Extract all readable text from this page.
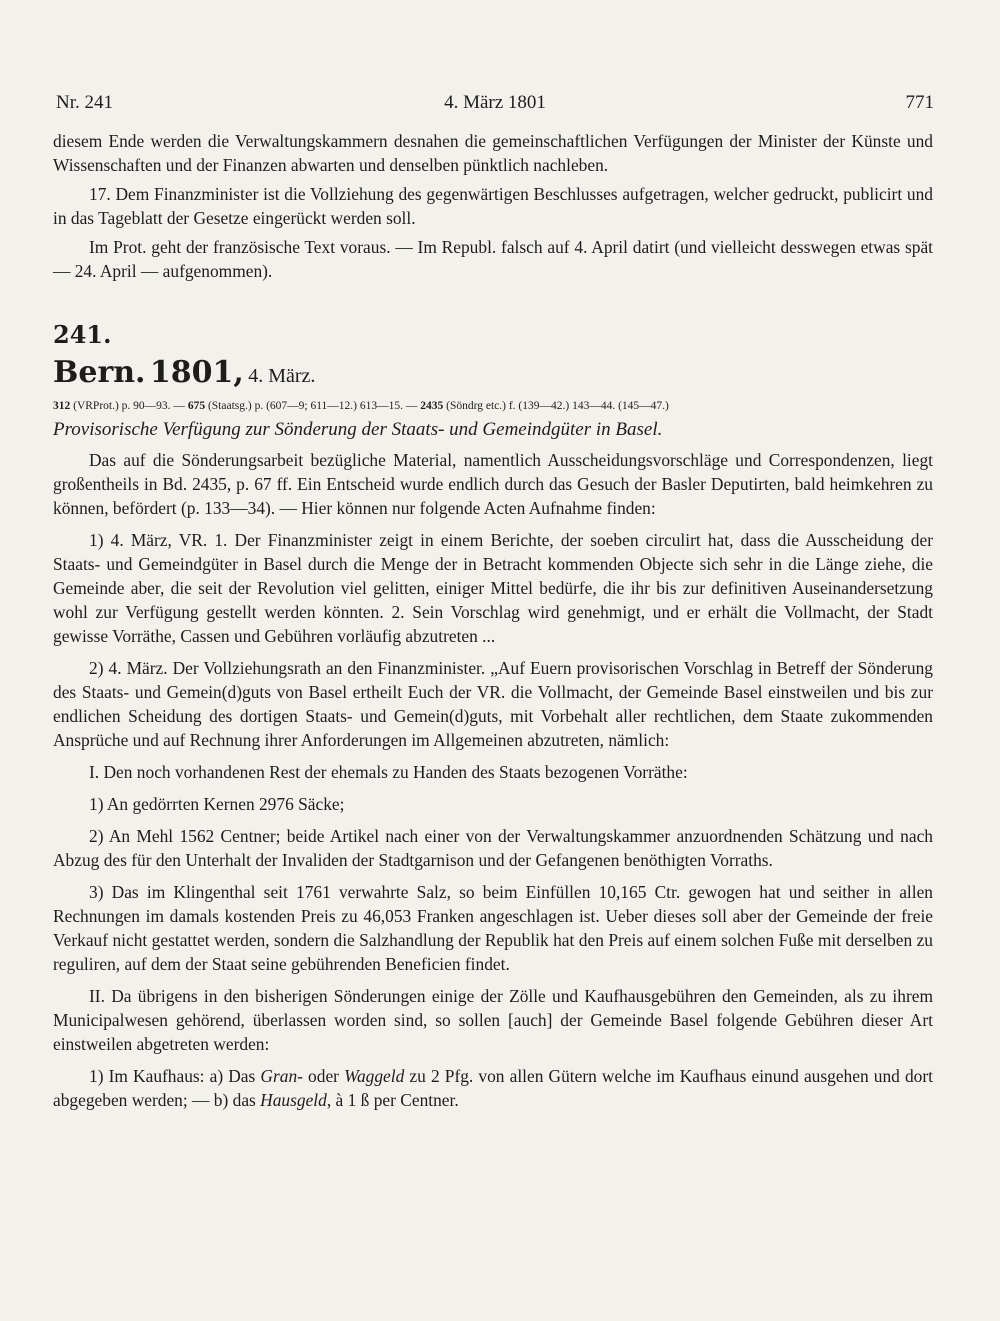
Nr. 241	4. März 1801	771

diesem Ende werden die Verwaltungskammern desnahen die gemeinschaftlichen Verfügungen der Minister der Künste und Wissenschaften und der Finanzen abwarten und denselben pünktlich nachleben.

17. Dem Finanzminister ist die Vollziehung des gegenwärtigen Beschlusses aufgetragen, welcher gedruckt, publicirt und in das Tageblatt der Gesetze eingerückt werden soll.

Im Prot. geht der französische Text voraus. — Im Republ. falsch auf 4. April datirt (und vielleicht desswegen etwas spät — 24. April — aufgenommen).

241.

Bern. 1801, 4. März.

312 (VRProt.) p. 90—93. — 675 (Staatsg.) p. (607—9; 611—12.) 613—15. — 2435 (Söndrg etc.) f. (139—42.) 143—44. (145—47.)

Provisorische Verfügung zur Sönderung der Staats- und Gemeindgüter in Basel.

Das auf die Sönderungsarbeit bezügliche Material, namentlich Ausscheidungsvorschläge und Correspondenzen, liegt großentheils in Bd. 2435, p. 67 ff. Ein Entscheid wurde endlich durch das Gesuch der Basler Deputirten, bald heimkehren zu können, befördert (p. 133—34). — Hier können nur folgende Acten Aufnahme finden:

1) 4. März, VR. 1. Der Finanzminister zeigt in einem Berichte, der soeben circulirt hat, dass die Ausscheidung der Staats- und Gemeindgüter in Basel durch die Menge der in Betracht kommenden Objecte sich sehr in die Länge ziehe, die Gemeinde aber, die seit der Revolution viel gelitten, einiger Mittel bedürfe, die ihr bis zur definitiven Auseinandersetzung wohl zur Verfügung gestellt werden könnten. 2. Sein Vorschlag wird genehmigt, und er erhält die Vollmacht, der Stadt gewisse Vorräthe, Cassen und Gebühren vorläufig abzutreten ...

2) 4. März. Der Vollziehungsrath an den Finanzminister. „Auf Euern provisorischen Vorschlag in Betreff der Sönderung des Staats- und Gemein(d)guts von Basel ertheilt Euch der VR. die Vollmacht, der Gemeinde Basel einstweilen und bis zur endlichen Scheidung des dortigen Staats- und Gemein(d)guts, mit Vorbehalt aller rechtlichen, dem Staate zukommenden Ansprüche und auf Rechnung ihrer Anforderungen im Allgemeinen abzutreten, nämlich:

I. Den noch vorhandenen Rest der ehemals zu Handen des Staats bezogenen Vorräthe:

1) An gedörrten Kernen 2976 Säcke;

2) An Mehl 1562 Centner; beide Artikel nach einer von der Verwaltungskammer anzuordnenden Schätzung und nach Abzug des für den Unterhalt der Invaliden der Stadtgarnison und der Gefangenen benöthigten Vorraths.

3) Das im Klingenthal seit 1761 verwahrte Salz, so beim Einfüllen 10,165 Ctr. gewogen hat und seither in allen Rechnungen im damals kostenden Preis zu 46,053 Franken angeschlagen ist. Ueber dieses soll aber der Gemeinde der freie Verkauf nicht gestattet werden, sondern die Salzhandlung der Republik hat den Preis auf einem solchen Fuße mit derselben zu reguliren, auf dem der Staat seine gebührenden Beneficien findet.

II. Da übrigens in den bisherigen Sönderungen einige der Zölle und Kaufhausgebühren den Gemeinden, als zu ihrem Municipalwesen gehörend, überlassen worden sind, so sollen [auch] der Gemeinde Basel folgende Gebühren dieser Art einstweilen abgetreten werden:

1) Im Kaufhaus: a) Das Gran- oder Waggeld zu 2 Pfg. von allen Gütern welche im Kaufhaus einund ausgehen und dort abgegeben werden; — b) das Hausgeld, à 1 ß per Centner.
